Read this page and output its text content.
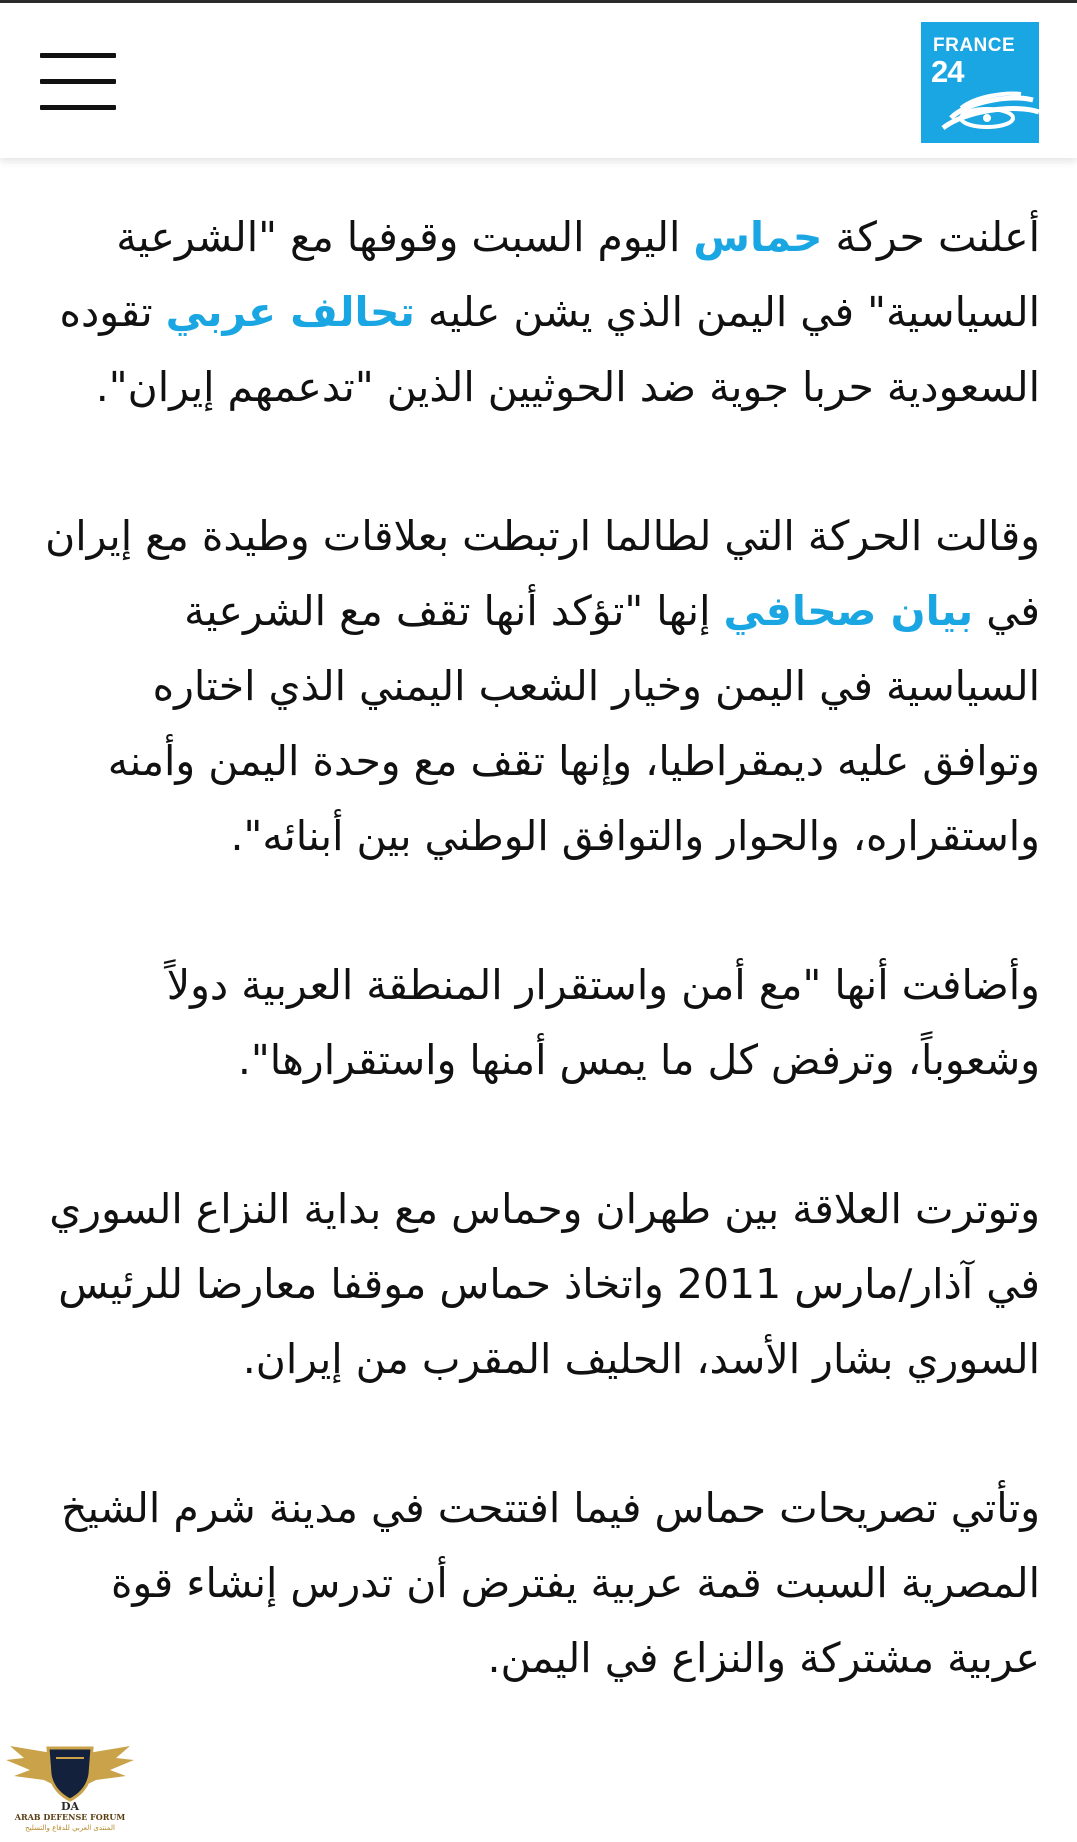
FRANCE
24

أعلنت حركة حماس اليوم السبت وقوفها مع "الشرعية السياسية" في اليمن الذي يشن عليه تحالف عربي تقوده السعودية حربا جوية ضد الحوثيين الذين "تدعمهم إيران".

وقالت الحركة التي لطالما ارتبطت بعلاقات وطيدة مع إيران في بيان صحافي إنها "تؤكد أنها تقف مع الشرعية السياسية في اليمن وخيار الشعب اليمني الذي اختاره وتوافق عليه ديمقراطيا، وإنها تقف مع وحدة اليمن وأمنه واستقراره، والحوار والتوافق الوطني بين أبنائه".

وأضافت أنها "مع أمن واستقرار المنطقة العربية دولاً وشعوباً، وترفض كل ما يمس أمنها واستقرارها".

وتوترت العلاقة بين طهران وحماس مع بداية النزاع السوري في آذار/مارس 2011 واتخاذ حماس موقفا معارضا للرئيس السوري بشار الأسد، الحليف المقرب من إيران.

وتأتي تصريحات حماس فيما افتتحت في مدينة شرم الشيخ المصرية السبت قمة عربية يفترض أن تدرس إنشاء قوة عربية مشتركة والنزاع في اليمن.

DA
ARAB DEFENSE FORUM
المنتدى العربي للدفاع والتسليح
